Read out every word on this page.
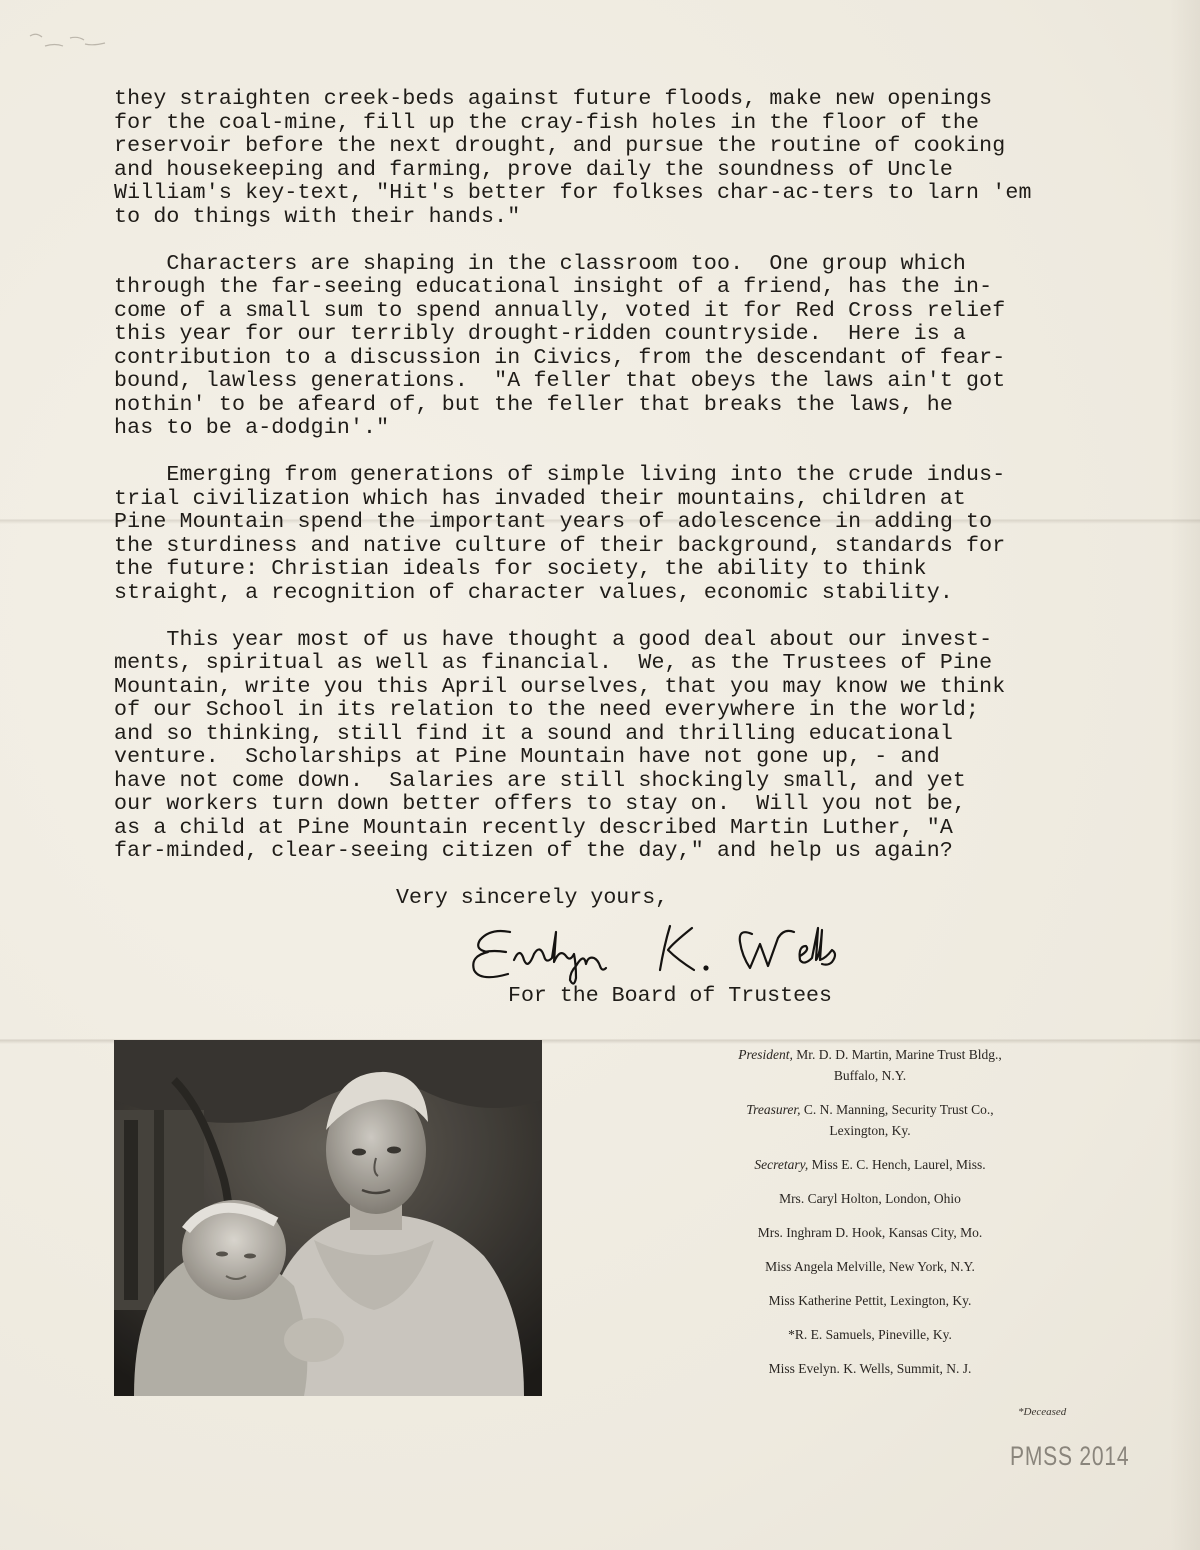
they straighten creek-beds against future floods, make new openings
for the coal-mine, fill up the cray-fish holes in the floor of the
reservoir before the next drought, and pursue the routine of cooking
and housekeeping and farming, prove daily the soundness of Uncle
William's key-text, "Hit's better for folkses char-ac-ters to larn 'em
to do things with their hands."

Characters are shaping in the classroom too.  One group which
through the far-seeing educational insight of a friend, has the in-
come of a small sum to spend annually, voted it for Red Cross relief
this year for our terribly drought-ridden countryside.  Here is a
contribution to a discussion in Civics, from the descendant of fear-
bound, lawless generations.  "A feller that obeys the laws ain't got
nothin' to be afeard of, but the feller that breaks the laws, he
has to be a-dodgin'."

Emerging from generations of simple living into the crude indus-
trial civilization which has invaded their mountains, children at
Pine Mountain spend the important years of adolescence in adding to
the sturdiness and native culture of their background, standards for
the future: Christian ideals for society, the ability to think
straight, a recognition of character values, economic stability.

This year most of us have thought a good deal about our invest-
ments, spiritual as well as financial.  We, as the Trustees of Pine
Mountain, write you this April ourselves, that you may know we think
of our School in its relation to the need everywhere in the world;
and so thinking, still find it a sound and thrilling educational
venture.  Scholarships at Pine Mountain have not gone up, - and
have not come down.  Salaries are still shockingly small, and yet
our workers turn down better offers to stay on.  Will you not be,
as a child at Pine Mountain recently described Martin Luther, "A
far-minded, clear-seeing citizen of the day," and help us again?

Very sincerely yours,
For the Board of Trustees

President, Mr. D. D. Martin, Marine Trust Bldg.,
Buffalo, N.Y.

Treasurer, C. N. Manning, Security Trust Co.,
Lexington, Ky.

Secretary, Miss E. C. Hench, Laurel, Miss.

Mrs. Caryl Holton, London, Ohio

Mrs. Inghram D. Hook, Kansas City, Mo.

Miss Angela Melville, New York, N.Y.

Miss Katherine Pettit, Lexington, Ky.

*R. E. Samuels, Pineville, Ky.

Miss Evelyn. K. Wells, Summit, N. J.

*Deceased
PMSS 2014
